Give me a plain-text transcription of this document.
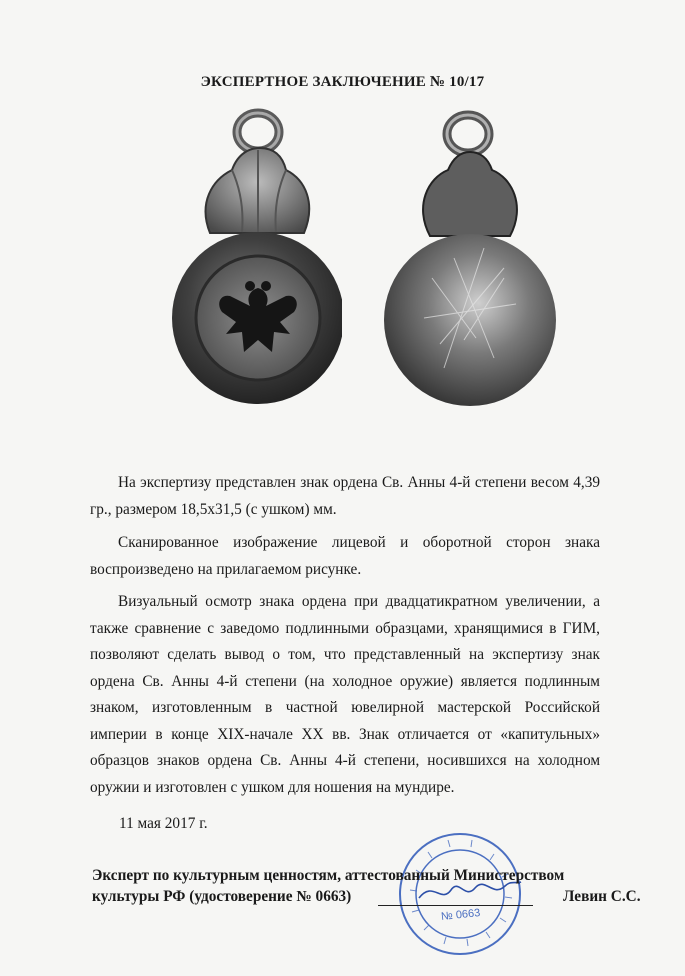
ЭКСПЕРТНОЕ ЗАКЛЮЧЕНИЕ № 10/17
На экспертизу представлен знак ордена Св. Анны 4-й степени весом 4,39 гр., размером 18,5х31,5 (с ушком) мм.
Сканированное изображение лицевой и оборотной сторон знака воспроизведено на прилагаемом рисунке.
Визуальный осмотр знака ордена при двадцатикратном увеличении, а также сравнение с заведомо подлинными образцами, хранящимися в ГИМ, позволяют сделать вывод о том, что представленный на экспертизу знак ордена Св. Анны 4-й степени (на холодное оружие) является подлинным знаком, изготовленным в частной ювелирной мастерской Российской империи в конце XIX-начале XX вв. Знак отличается от «капитульных» образцов знаков ордена Св. Анны 4-й степени, носившихся на холодном оружии и изготовлен с ушком для ношения на мундире.
11 мая 2017 г.
№ 0663
Эксперт по культурным ценностям, аттестованный Министерством
культуры РФ (удостоверение № 0663)	Левин С.С.
